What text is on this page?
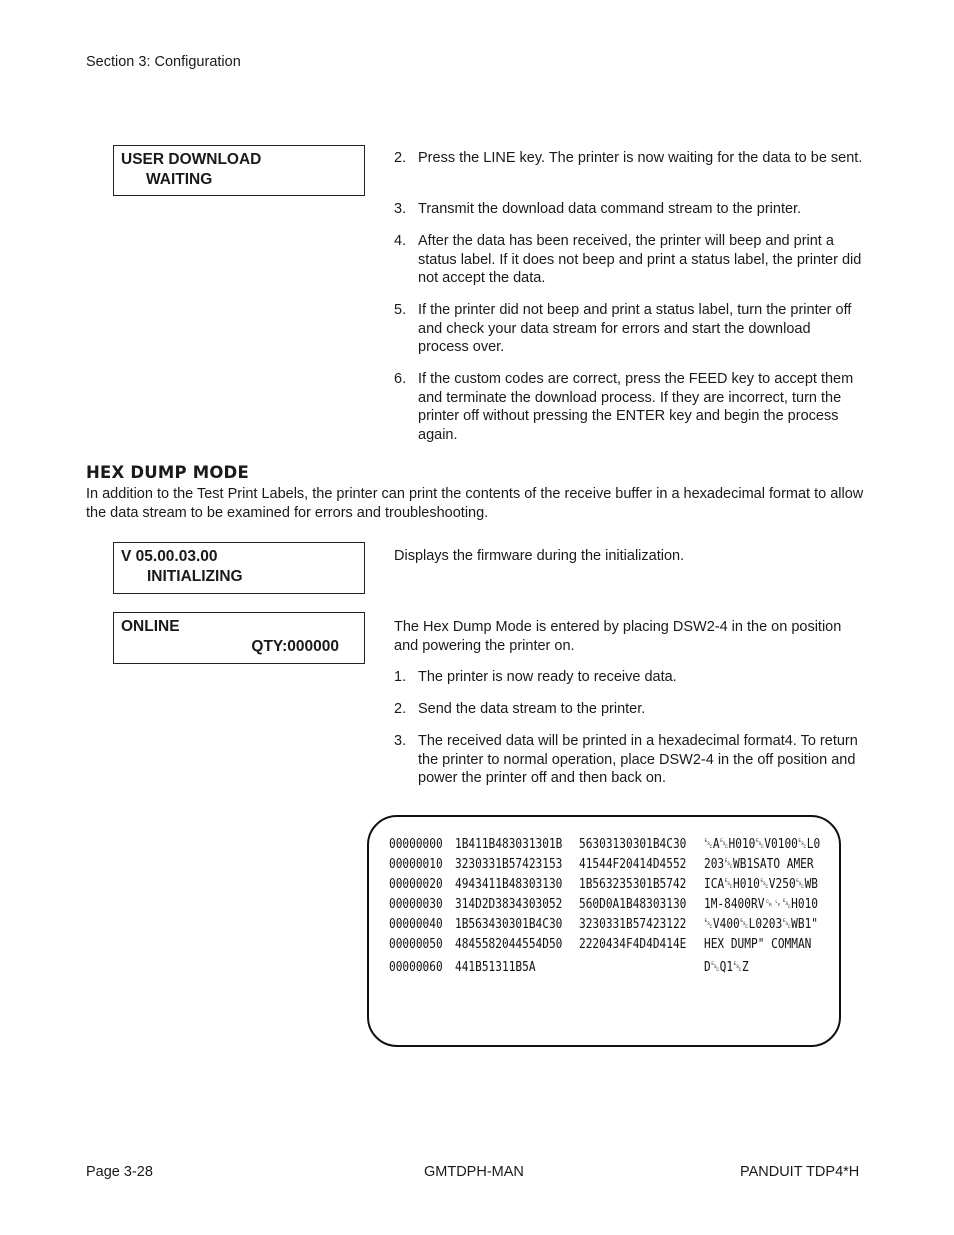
Section 3: Configuration
USER DOWNLOAD
WAITING
2. Press the LINE key. The printer is now waiting for the data to be sent.
3. Transmit the download data command stream to the printer.
4. After the data has been received, the printer will beep and print a status label. If it does not beep and print a status label, the printer did not accept the data.
5. If the printer did not beep and print a status label, turn the printer off and check your data stream for errors and start the download process over.
6. If the custom codes are correct, press the FEED key to accept them and terminate the download process. If they are incorrect, turn the printer off without pressing the ENTER key and begin the process again.
HEX DUMP MODE
In addition to the Test Print Labels, the printer can print the contents of the receive buffer in a hexadecimal format to allow the data stream to be examined for errors and troubleshooting.
V 05.00.03.00
INITIALIZING
Displays the firmware during the initialization.
ONLINE
QTY:000000
The Hex Dump Mode is entered by placing DSW2-4 in the on position and powering the printer on.
1. The printer is now ready to receive data.
2. Send the data stream to the printer.
3. The received data will be printed in a hexadecimal format4. To return the printer to normal operation, place DSW2-4 in the off position and power the printer off and then back on.
00000000 1B411B483031301B 56303130301B4C30 ␛A␛H010␛V0100␛L0
00000010 3230331B57423153 41544F20414D4552 203␛WB1SATO AMER
00000020 4943411B48303130 1B563235301B5742 ICA␛H010␛V250␛WB
00000030 314D2D3834303052 560D0A1B48303130 1M-8400RV␍␊␛H010
00000040 1B563430301B4C30 3230331B57423122 ␛V400␛L0203␛WB1"
00000050 4845582044554D50 2220434F4D4D414E HEX DUMP" COMMAN
00000060 441B51311B5A	D␛Q1␛Z
Page 3-28	GMTDPH-MAN	PANDUIT TDP4*H
